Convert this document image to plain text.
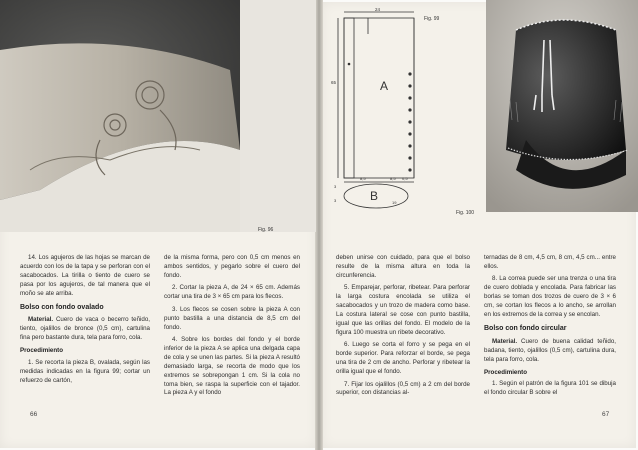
Fig. 96
24
65	A
B
8,5	8,5 0,5
3
3	19
Fig. 99
Fig. 100

14. Los agujeros de las hojas se marcan de acuerdo con los de la tapa y se perforan con el sacabocados. La tirilla o tiento de cuero se pasa por los agujeros, de tal manera que el moño se ate arriba.

Bolso con fondo ovalado

Material. Cuero de vaca o becerro teñido, tiento, ojalillos de bronce (0,5 cm), cartulina fina pero bastante dura, tela para forro, cola.

Procedimiento

1. Se recorta la pieza B, ovalada, según las medidas indicadas en la figura 99; cortar un refuerzo de cartón,

de la misma forma, pero con 0,5 cm menos en ambos sentidos, y pegarlo sobre el cuero del fondo.

2. Cortar la pieza A, de 24 × 65 cm. Además cortar una tira de 3 × 65 cm para los flecos.

3. Los flecos se cosen sobre la pieza A con punto bastilla a una distancia de 8,5 cm del fondo.

4. Sobre los bordes del fondo y el borde inferior de la pieza A se aplica una delgada capa de cola y se unen las partes. Si la pieza A resultó demasiado larga, se recorta de modo que los extremos se sobrepongan 1 cm. Si la cola no toma bien, se raspa la superficie con el tajador. La pieza A y el fondo

66

deben unirse con cuidado, para que el bolso resulte de la misma altura en toda la circunferencia.

5. Emparejar, perforar, ribetear. Para perforar la larga costura encolada se utiliza el sacabocados y un trozo de madera como base. La costura lateral se cose con punto bastilla, igual que las orillas del fondo. El modelo de la figura 100 muestra un ribete decorativo.

6. Luego se corta el forro y se pega en el borde superior. Para reforzar el borde, se pega una tira de 2 cm de ancho. Perforar y ribetear la orilla igual que el fondo.

7. Fijar los ojalillos (0,5 cm) a 2 cm del borde superior, con distancias al-

ternadas de 8 cm, 4,5 cm, 8 cm, 4,5 cm... entre ellos.

8. La correa puede ser una trenza o una tira de cuero doblada y encolada. Para fabricar las borlas se toman dos trozos de cuero de 3 × 6 cm, se cortan los flecos a lo ancho, se arrollan en los extremos de la correa y se encolan.

Bolso con fondo circular

Material. Cuero de buena calidad teñido, badana, tiento, ojalillos (0,5 cm), cartulina dura, tela para forro, cola.

Procedimiento

1. Según el patrón de la figura 101 se dibuja el fondo circular B sobre el

67
